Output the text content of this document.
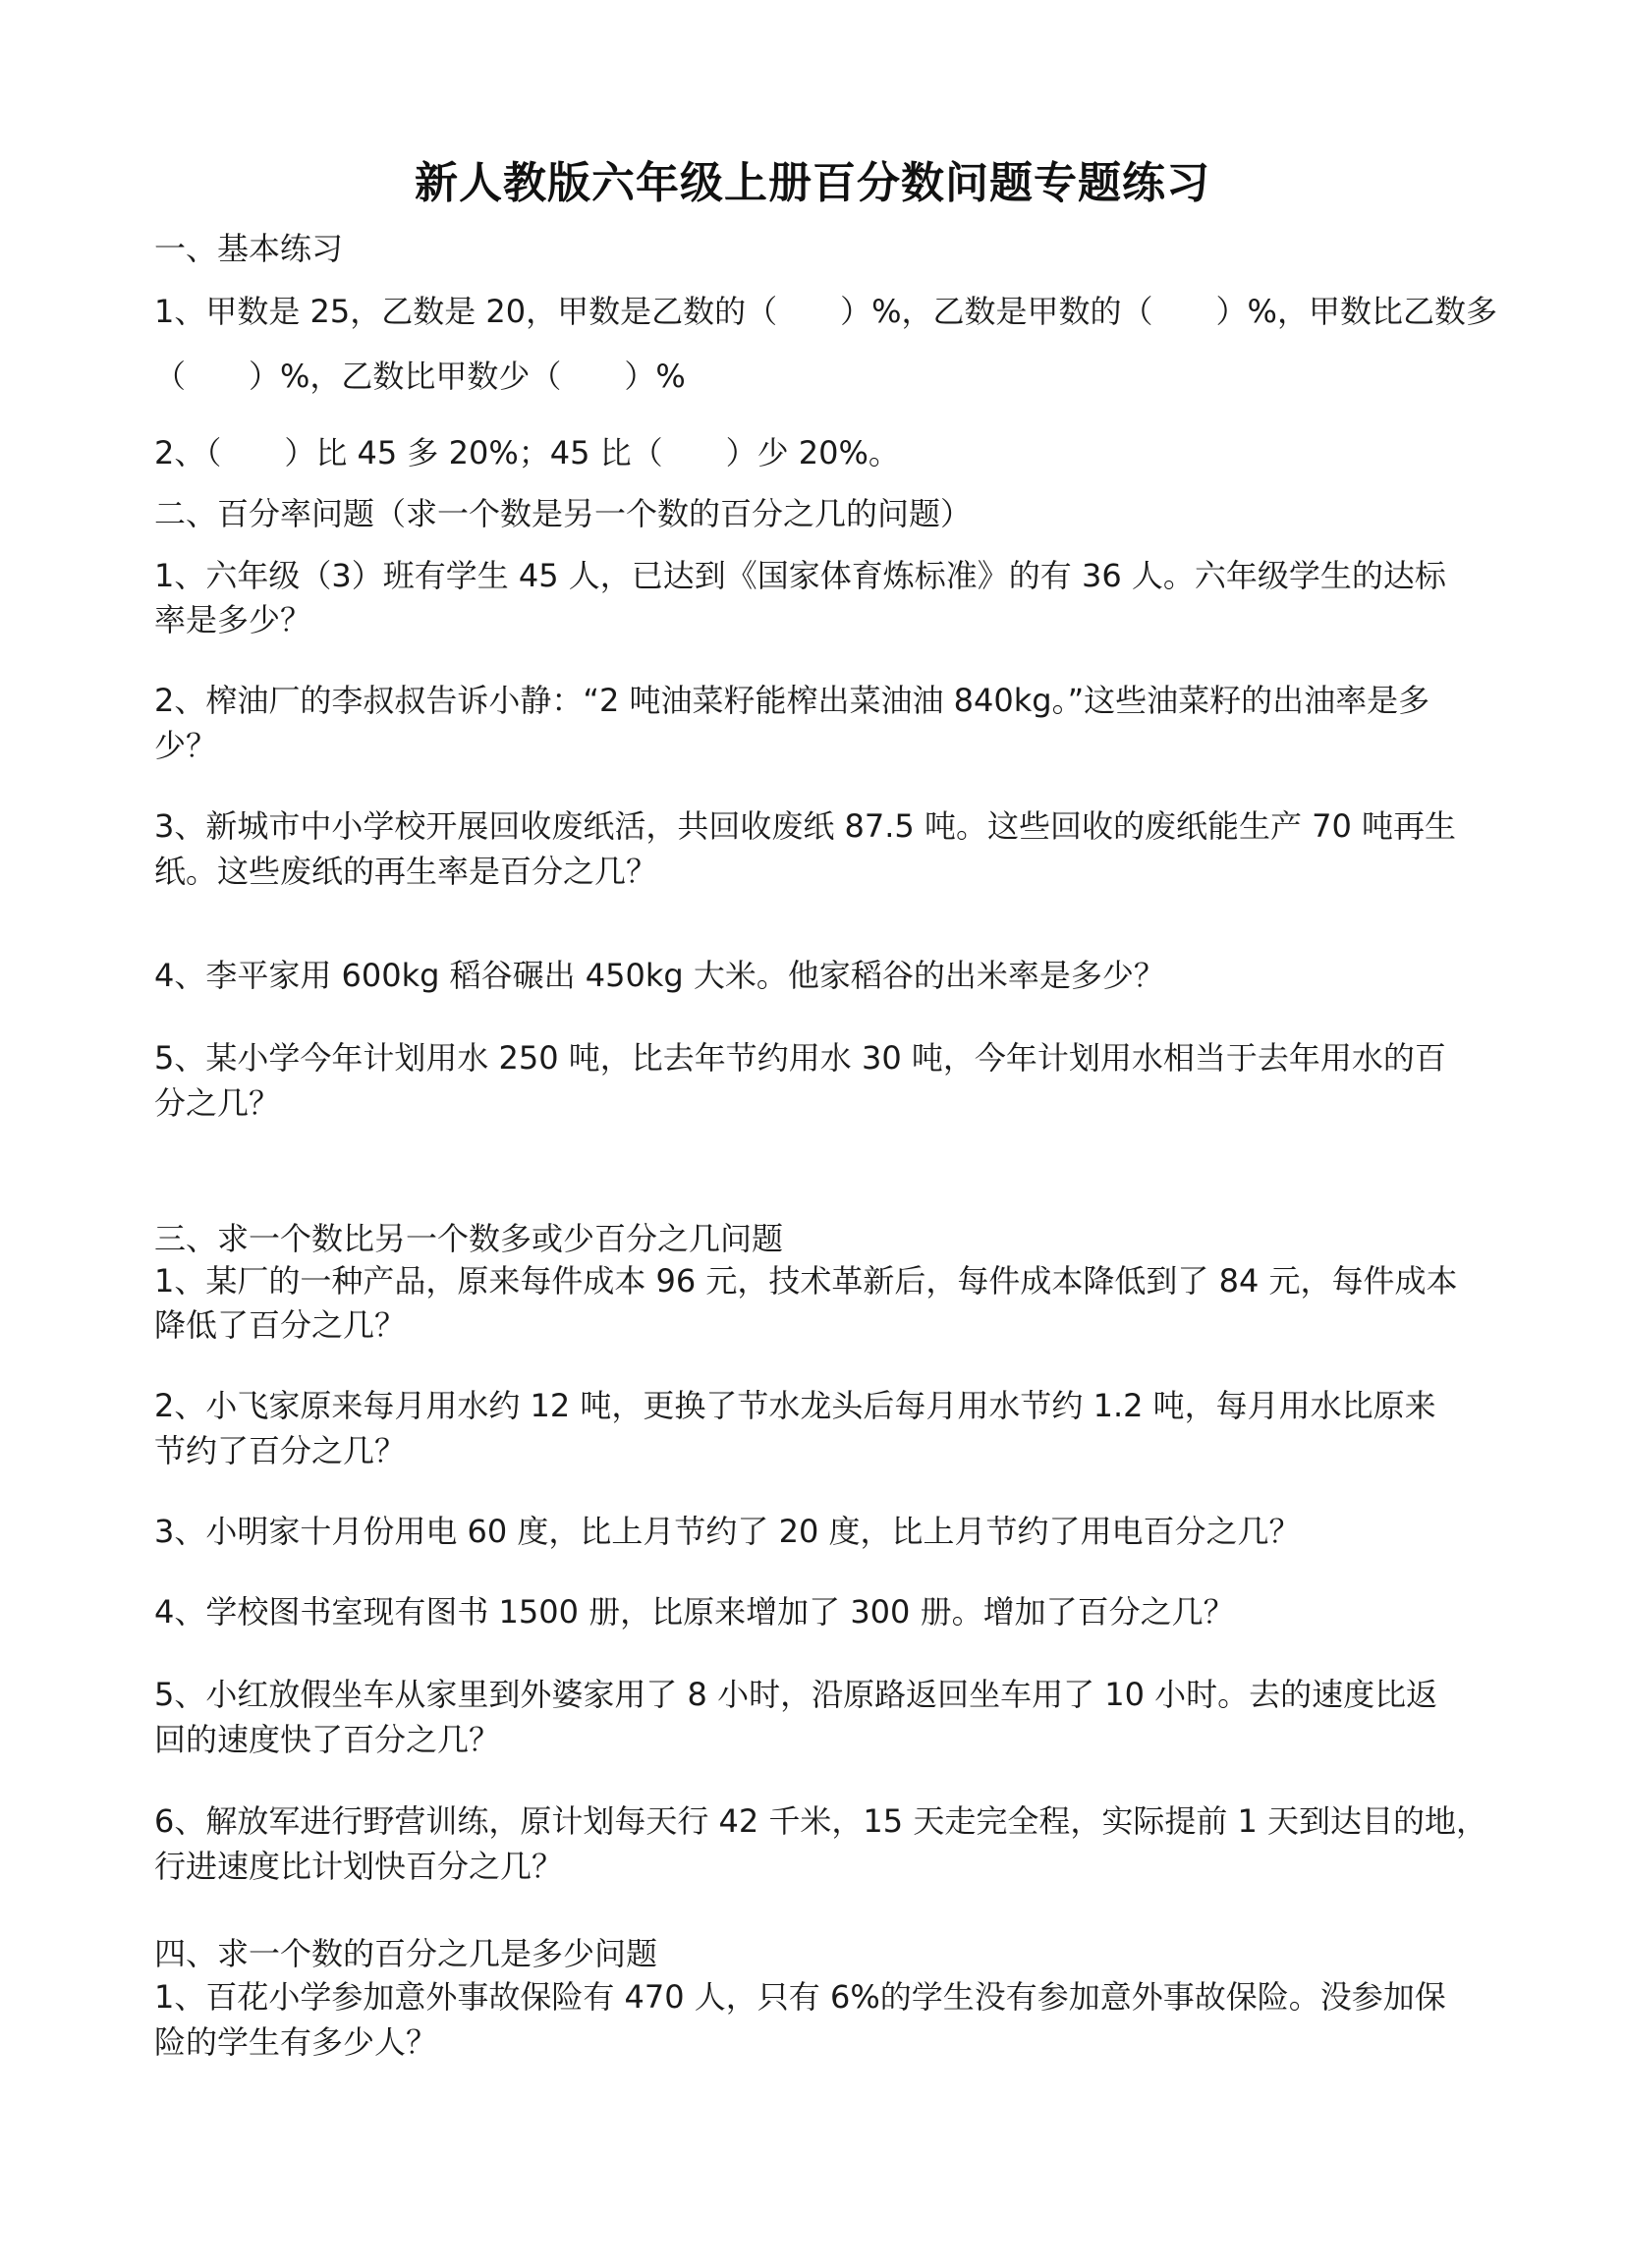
新人教版六年级上册百分数问题专题练习
一、基本练习
1、甲数是 25，乙数是 20，甲数是乙数的（　　）%，乙数是甲数的（　　）%，甲数比乙数多
（　　）%，乙数比甲数少（　　）%
2、（　　）比 45 多 20%；45 比（　　）少 20%。
二、百分率问题（求一个数是另一个数的百分之几的问题）
1、六年级（3）班有学生 45 人，已达到《国家体育炼标准》的有 36 人。六年级学生的达标
率是多少？
2、榨油厂的李叔叔告诉小静：“2 吨油菜籽能榨出菜油油 840kg。”这些油菜籽的出油率是多
少？
3、新城市中小学校开展回收废纸活，共回收废纸 87.5 吨。这些回收的废纸能生产 70 吨再生
纸。这些废纸的再生率是百分之几？
4、李平家用 600kg 稻谷碾出 450kg 大米。他家稻谷的出米率是多少？
5、某小学今年计划用水 250 吨，比去年节约用水 30 吨，今年计划用水相当于去年用水的百
分之几？
三、求一个数比另一个数多或少百分之几问题
1、某厂的一种产品，原来每件成本 96 元，技术革新后，每件成本降低到了 84 元，每件成本
降低了百分之几？
2、小飞家原来每月用水约 12 吨，更换了节水龙头后每月用水节约 1.2 吨，每月用水比原来
节约了百分之几？
3、小明家十月份用电 60 度，比上月节约了 20 度，比上月节约了用电百分之几？
4、学校图书室现有图书 1500 册，比原来增加了 300 册。增加了百分之几？
5、小红放假坐车从家里到外婆家用了 8 小时，沿原路返回坐车用了 10 小时。去的速度比返
回的速度快了百分之几？
6、解放军进行野营训练，原计划每天行 42 千米，15 天走完全程，实际提前 1 天到达目的地，
行进速度比计划快百分之几？
四、求一个数的百分之几是多少问题
1、百花小学参加意外事故保险有 470 人，只有 6%的学生没有参加意外事故保险。没参加保
险的学生有多少人？
